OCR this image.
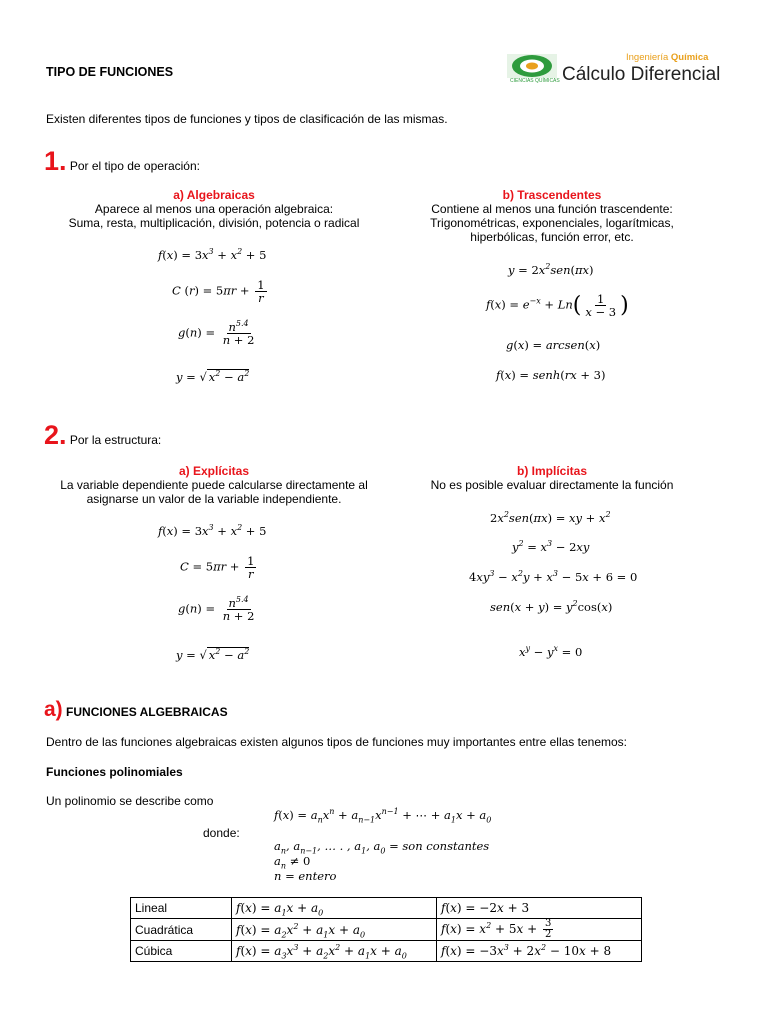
TIPO DE FUNCIONES
CIENCIAS QUÍMICAS
Ingeniería Química
Cálculo Diferencial
Existen diferentes tipos de funciones y tipos de clasificación de las mismas.
1. Por el tipo de operación:
a) Algebraicas
Aparece al menos una operación algebraica:
Suma, resta, multiplicación, división, potencia o radical
b) Trascendentes
Contiene al menos una función trascendente:
Trigonométricas, exponenciales, logarítmicas,
hiperbólicas, función error, etc.
$f(x) = 3x^3 + x^2 + 5$
C $(r) = 5\pi r + \frac{1}{r}$
$g(n) = \frac{n^{5.4}}{n + 2}$
y = √ $x^2 - a^2$
$y = 2x^2sen(\pi x)$
$f(x) = e^{-x} + Ln( \frac{1}{x - 3}$ )
g(x) = arcsen(x)
f(x) = senh(rx + 3)
2. Por la estructura:
a) Explícitas
La variable dependiente puede calcularse directamente al
asignarse un valor de la variable independiente.
b) Implícitas
No es posible evaluar directamente la función
$f(x) = 3x^3 + x^2 + 5$
$C = 5\pi r + \frac{1}{r}$
$g(n) = \frac{n^{5.4}}{n + 2}$
y = √ $x^2 - a^2$
$2x^2sen(\pi x)$ = xy + $x^2$
$y^2 = x^3 - 2xy$
$4xy^3 - x^2y + x^3 - 5x + 6 = 0$
$sen(x + y) = y^2\cos(x)$
$x^y - y^x = 0$
a) FUNCIONES ALGEBRAICAS
Dentro de las funciones algebraicas existen algunos tipos de funciones muy importantes entre ellas tenemos:
Funciones polinomiales
Un polinomio se describe como
$f(x) = a_nx^n + a_{n-1}x^{n-1}$ + ⋯ + $a_1x + a_0$
donde:
$a_n$, $a_{n-1}$, … . , $a_1$, $a_0$ = son constantes
$a_n \ne 0$
n = entero
Lineal	$f(x) = a_1x + a_0$	f(x) = −2x + 3
Cuadrática	$f(x) = a_2x^2 + a_1x + a_0$	$f(x) = x^2 + 5x + \frac{3}{2}$

Cúbica	$f(x) = a_3x^3 + a_2x^2 + a_1x + a_0$	$f(x) = -3x^3 + 2x^2 - 10x + 8$
